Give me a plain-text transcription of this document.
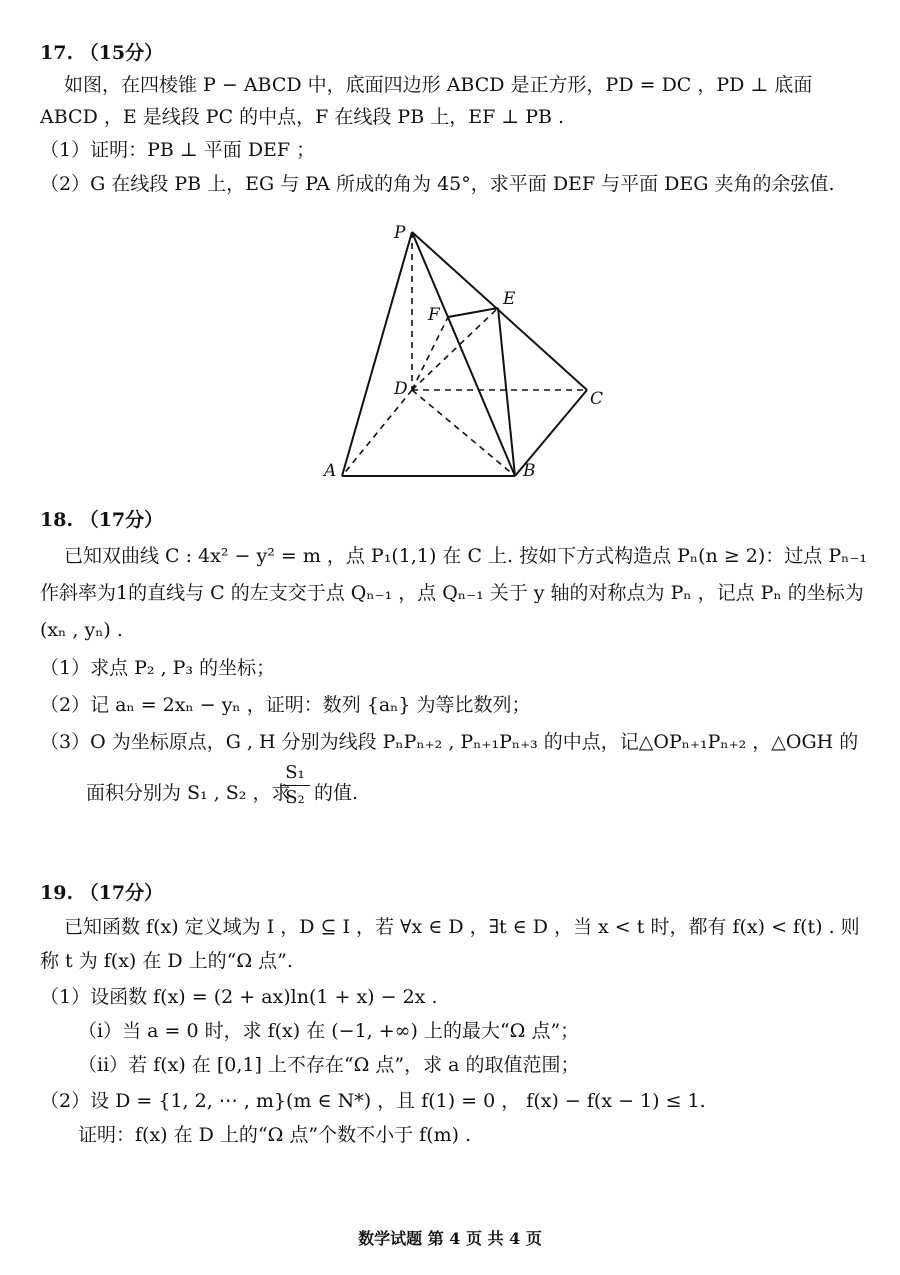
17. （15分）
如图，在四棱锥 P − ABCD 中，底面四边形 ABCD 是正方形，PD = DC ，PD ⊥ 底面
ABCD ，E 是线段 PC 的中点，F 在线段 PB 上，EF ⊥ PB .
（1）证明：PB ⊥ 平面 DEF ；
（2）G 在线段 PB 上，EG 与 PA 所成的角为 45°，求平面 DEF 与平面 DEG 夹角的余弦值.
P
E
F
D	C
A	B
18. （17分）
已知双曲线 C : 4x² − y² = m ，点 P₁(1,1) 在 C 上. 按如下方式构造点 Pₙ(n ≥ 2)：过点 Pₙ₋₁
作斜率为1的直线与 C 的左支交于点 Qₙ₋₁ ，点 Qₙ₋₁ 关于 y 轴的对称点为 Pₙ ，记点 Pₙ 的坐标为
(xₙ , yₙ) .
（1）求点 P₂ , P₃ 的坐标；
（2）记 aₙ = 2xₙ − yₙ ，证明：数列 {aₙ} 为等比数列；
（3）O 为坐标原点，G , H 分别为线段 PₙPₙ₊₂ , Pₙ₊₁Pₙ₊₃ 的中点，记△OPₙ₊₁Pₙ₊₂ ，△OGH 的
面积分别为 S₁ , S₂ ，求
S₁
S₂ 的值.
19. （17分）
已知函数 f(x) 定义域为 I ，D ⊆ I ，若 ∀x ∈ D ，∃t ∈ D ，当 x < t 时，都有 f(x) < f(t) . 则
称 t 为 f(x) 在 D 上的“Ω 点”.
（1）设函数 f(x) = (2 + ax)ln(1 + x) − 2x .
（i）当 a = 0 时，求 f(x) 在 (−1, +∞) 上的最大“Ω 点”；
（ii）若 f(x) 在 [0,1] 上不存在“Ω 点”，求 a 的取值范围；
（2）设 D = {1, 2, ⋯ , m}(m ∈ N*) ，且 f(1) = 0 ， f(x) − f(x − 1) ≤ 1.
证明：f(x) 在 D 上的“Ω 点”个数不小于 f(m) .
数学试题 第 4 页 共 4 页
